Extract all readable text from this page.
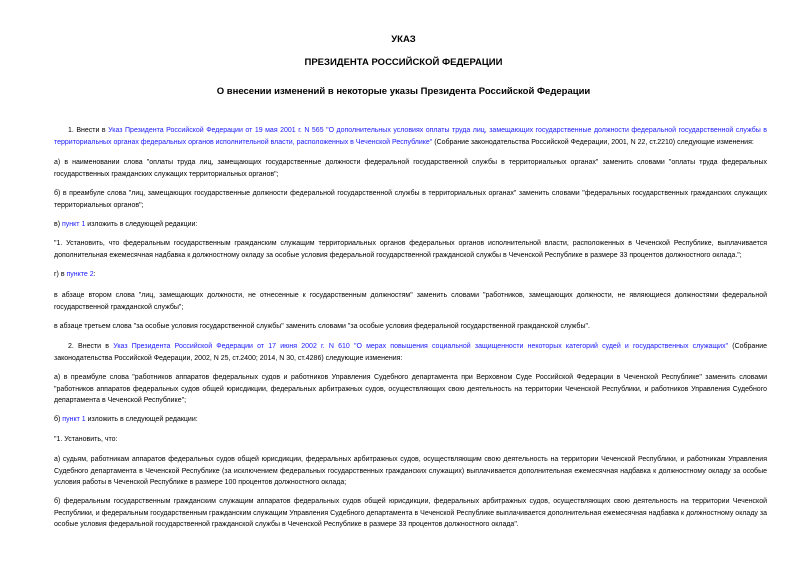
УКАЗ
ПРЕЗИДЕНТА РОССИЙСКОЙ ФЕДЕРАЦИИ
О внесении изменений в некоторые указы Президента Российской Федерации

1. Внести в Указ Президента Российской Федерации от 19 мая 2001 г. N 565 "О дополнительных условиях оплаты труда лиц, замещающих государственные должности федеральной государственной службы в территориальных органах федеральных органов исполнительной власти, расположенных в Чеченской Республике" (Собрание законодательства Российской Федерации, 2001, N 22, ст.2210) следующие изменения:

а) в наименовании слова "оплаты труда лиц, замещающих государственные должности федеральной государственной службы в территориальных органах" заменить словами "оплаты труда федеральных государственных гражданских служащих территориальных органов";

б) в преамбуле слова "лиц, замещающих государственные должности федеральной государственной службы в территориальных органах" заменить словами "федеральных государственных гражданских служащих территориальных органов";

в) пункт 1 изложить в следующей редакции:

"1. Установить, что федеральным государственным гражданским служащим территориальных органов федеральных органов исполнительной власти, расположенных в Чеченской Республике, выплачивается дополнительная ежемесячная надбавка к должностному окладу за особые условия федеральной государственной гражданской службы в Чеченской Республике в размере 33 процентов должностного оклада.";

г) в пункте 2:

в абзаце втором слова "лиц, замещающих должности, не отнесенные к государственным должностям" заменить словами "работников, замещающих должности, не являющиеся должностями федеральной государственной гражданской службы";

в абзаце третьем слова "за особые условия государственной службы" заменить словами "за особые условия федеральной государственной гражданской службы".

2. Внести в Указ Президента Российской Федерации от 17 июня 2002 г. N 610 "О мерах повышения социальной защищенности некоторых категорий судей и государственных служащих" (Собрание законодательства Российской Федерации, 2002, N 25, ст.2400; 2014, N 30, ст.4286) следующие изменения:

а) в преамбуле слова "работников аппаратов федеральных судов и работников Управления Судебного департамента при Верховном Суде Российской Федерации в Чеченской Республике" заменить словами "работников аппаратов федеральных судов общей юрисдикции, федеральных арбитражных судов, осуществляющих свою деятельность на территории Чеченской Республики, и работников Управления Судебного департамента в Чеченской Республике";

б) пункт 1 изложить в следующей редакции:

"1. Установить, что:

а) судьям, работникам аппаратов федеральных судов общей юрисдикции, федеральных арбитражных судов, осуществляющим свою деятельность на территории Чеченской Республики, и работникам Управления Судебного департамента в Чеченской Республике (за исключением федеральных государственных гражданских служащих) выплачивается дополнительная ежемесячная надбавка к должностному окладу за особые условия работы в Чеченской Республике в размере 100 процентов должностного оклада;

б) федеральным государственным гражданским служащим аппаратов федеральных судов общей юрисдикции, федеральных арбитражных судов, осуществляющих свою деятельность на территории Чеченской Республики, и федеральным государственным гражданским служащим Управления Судебного департамента в Чеченской Республике выплачивается дополнительная ежемесячная надбавка к должностному окладу за особые условия федеральной государственной гражданской службы в Чеченской Республике в размере 33 процентов должностного оклада".
